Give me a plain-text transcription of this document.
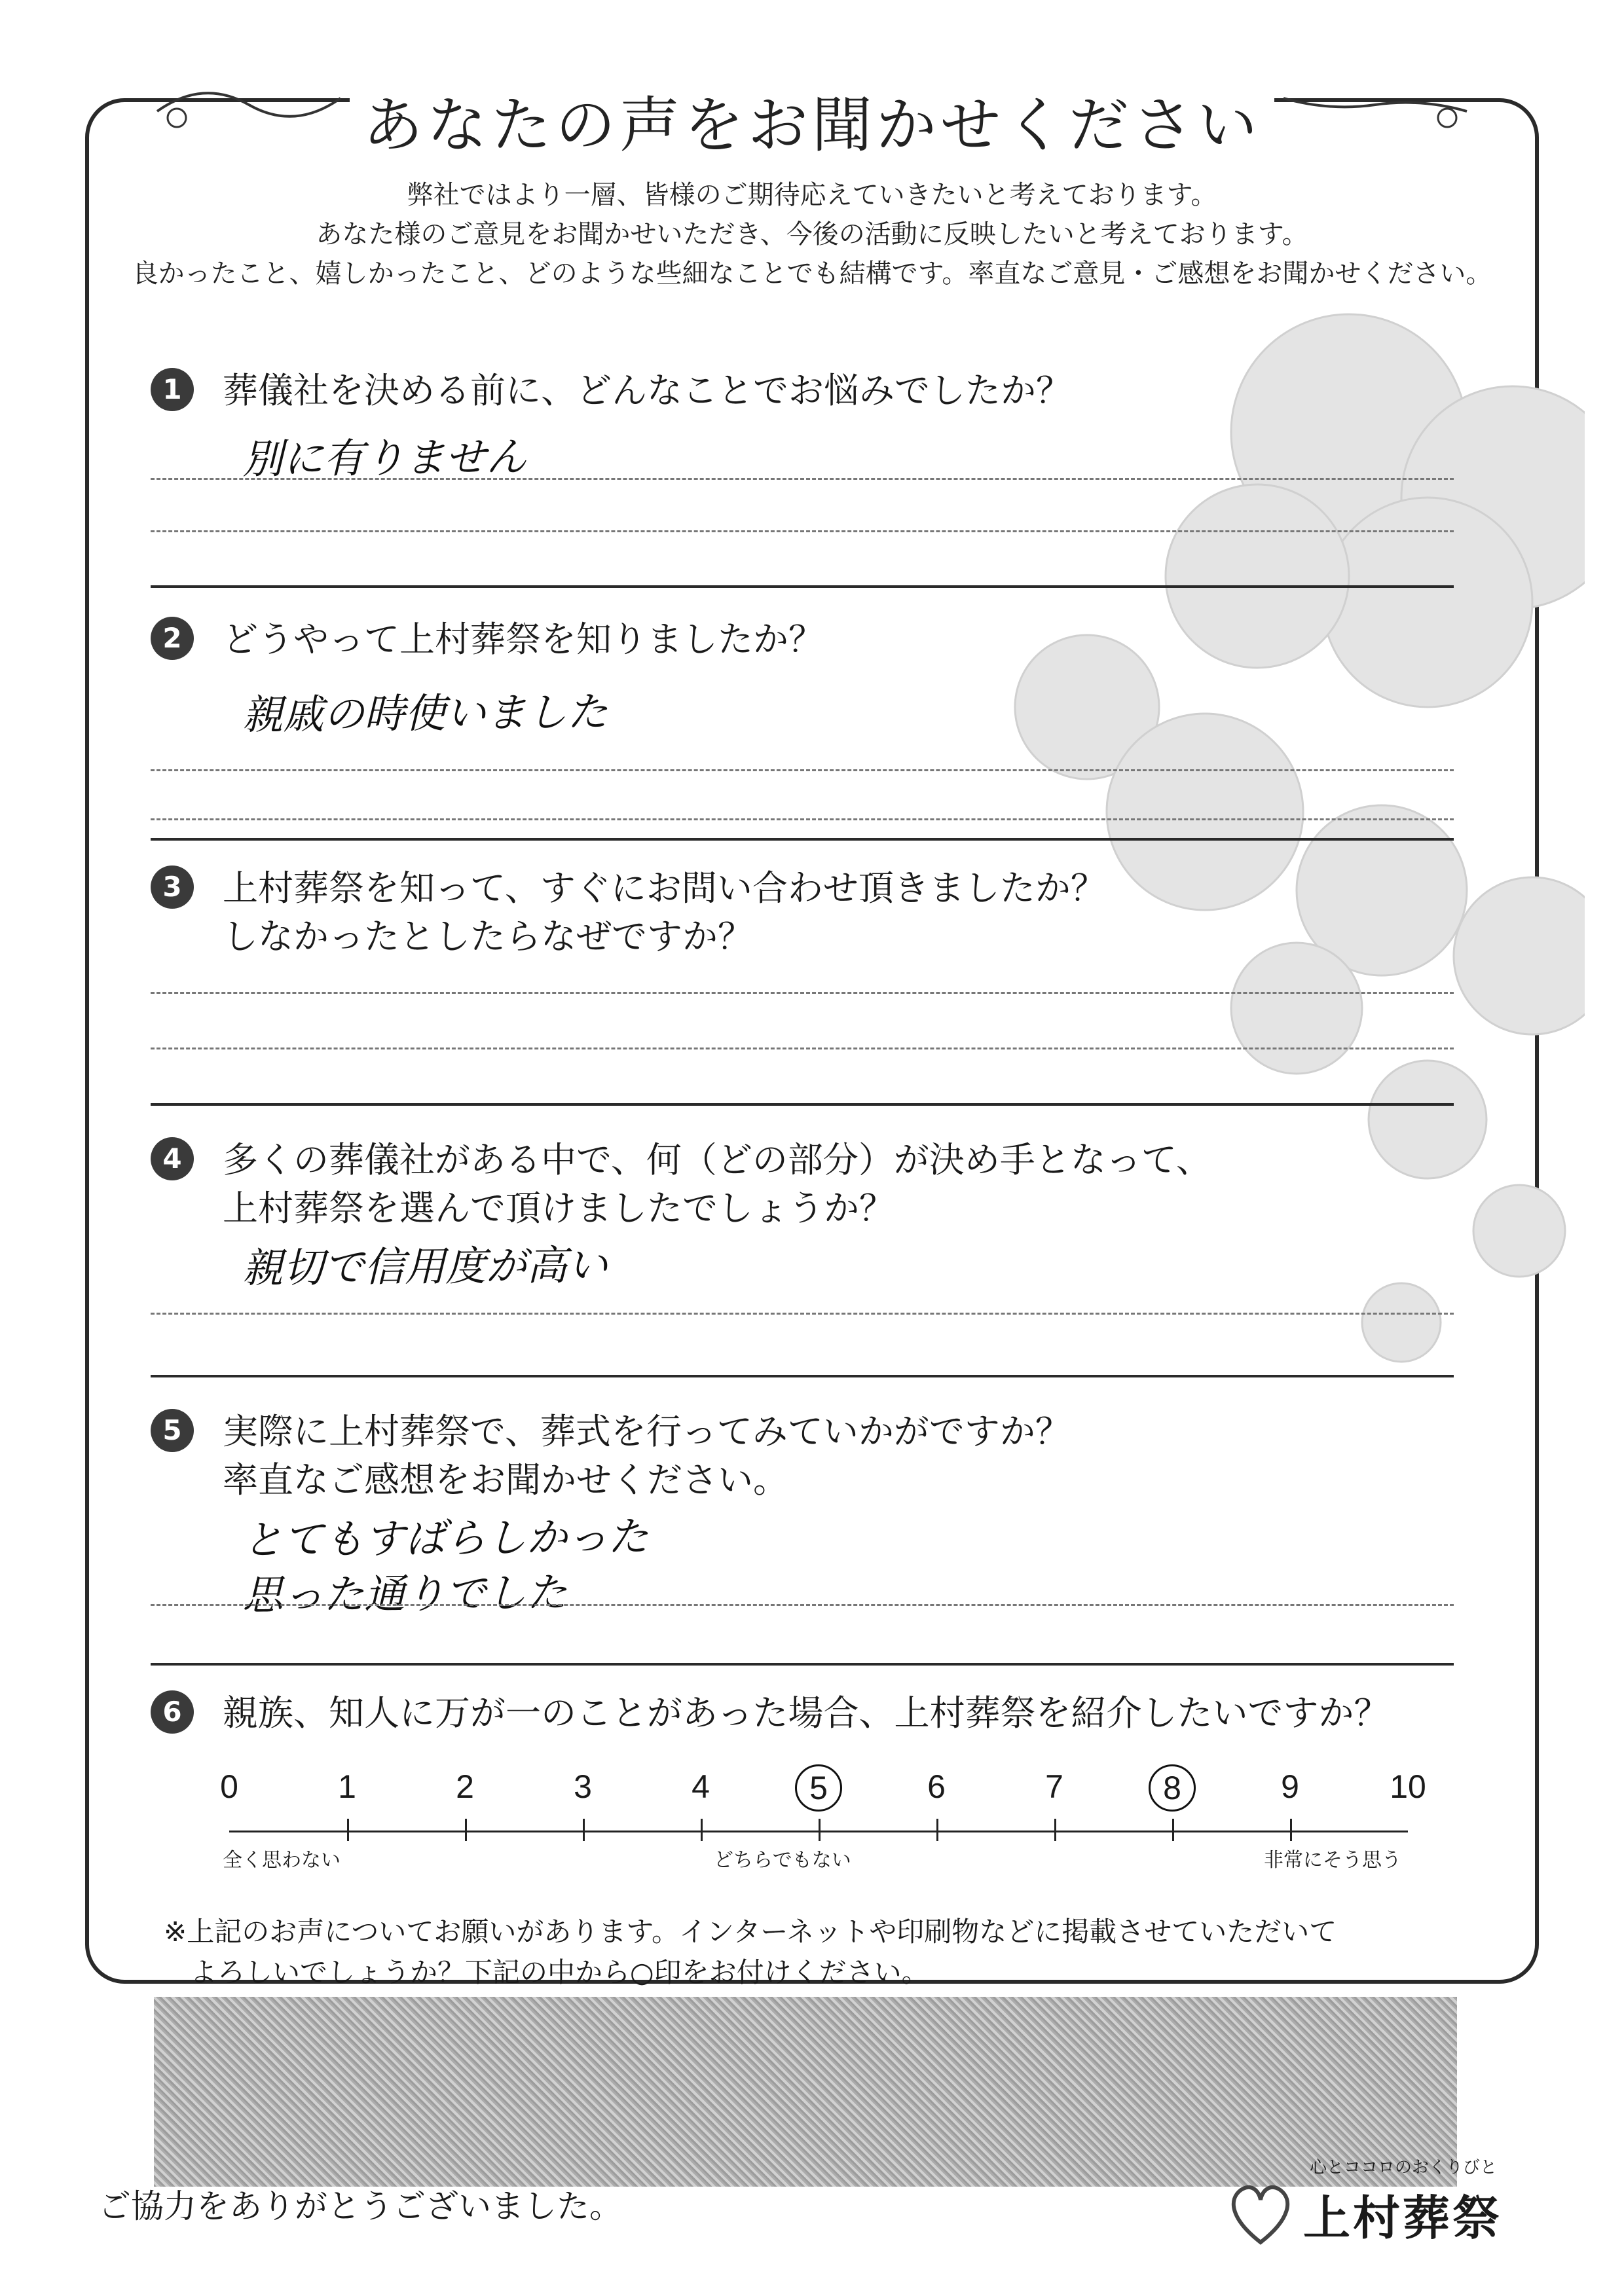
あなたの声をお聞かせください
弊社ではより一層、皆様のご期待応えていきたいと考えております。
あなた様のご意見をお聞かせいただき、今後の活動に反映したいと考えております。
良かったこと、嬉しかったこと、どのような些細なことでも結構です。率直なご意見・ご感想をお聞かせください。
1	葬儀社を決める前に、どんなことでお悩みでしたか？
別に有りません
2	どうやって上村葬祭を知りましたか？
親戚の時使いました
3	上村葬祭を知って、すぐにお問い合わせ頂きましたか？
しなかったとしたらなぜですか？
4	多くの葬儀社がある中で、何（どの部分）が決め手となって、
上村葬祭を選んで頂けましたでしょうか？
親切で信用度が高い
5	実際に上村葬祭で、葬式を行ってみていかがですか？
率直なご感想をお聞かせください。
とてもすばらしかった
思った通りでした
6	親族、知人に万が一のことがあった場合、上村葬祭を紹介したいですか？
0	1	2	3	4	5	6	7	8	9	10
全く思わない	どちらでもない	非常にそう思う
※上記のお声についてお願いがあります。インターネットや印刷物などに掲載させていただいて
よろしいでしょうか？下記の中から○印をお付けください。
ご協力をありがとうございました。
心とココロのおくりびと
上村葬祭
